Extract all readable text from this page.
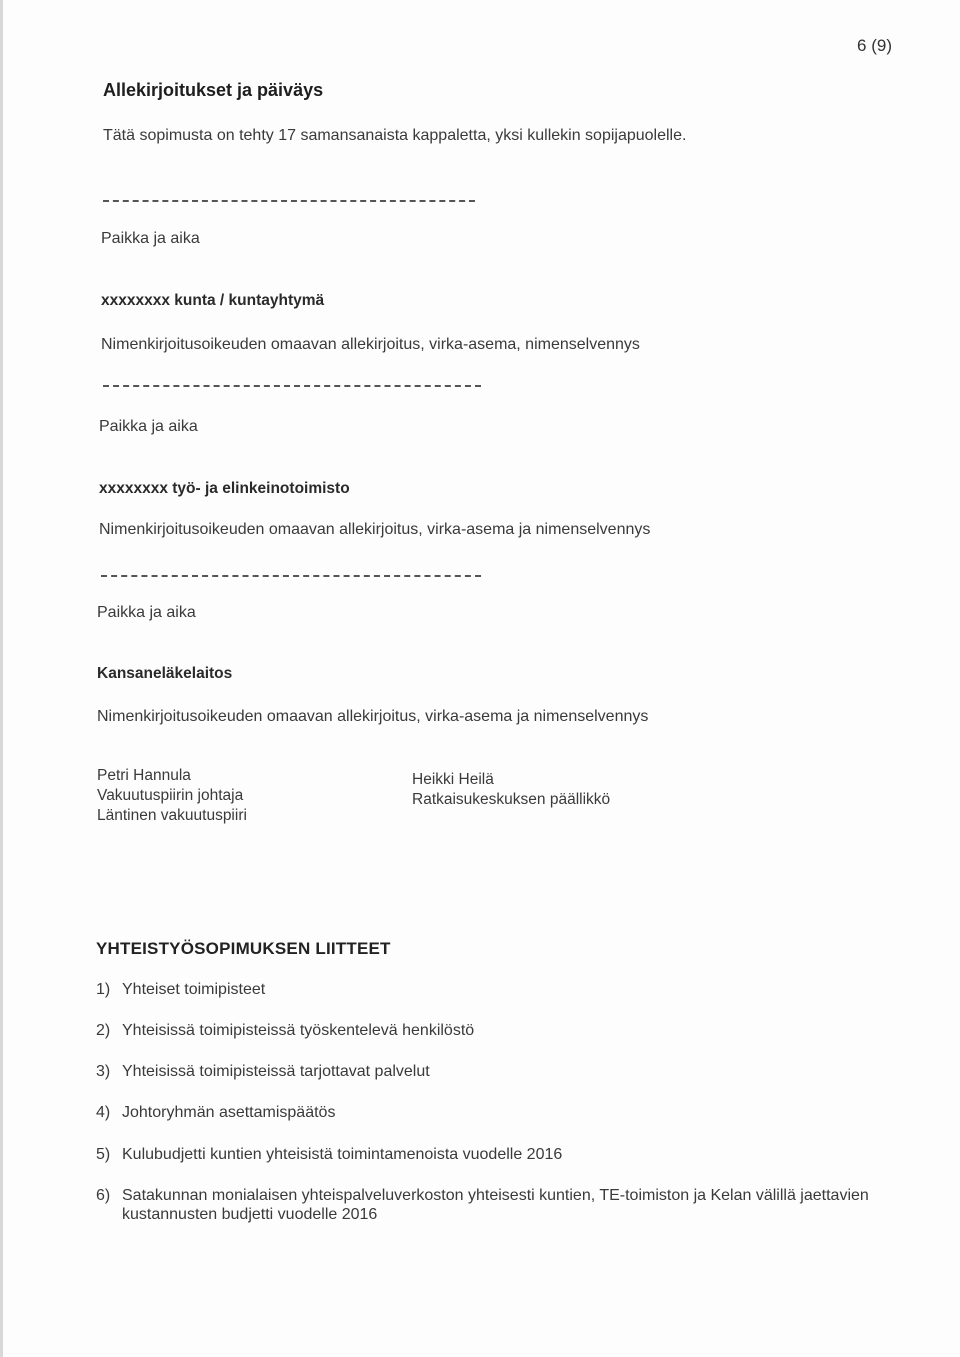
6 (9)
Allekirjoitukset ja päiväys
Tätä sopimusta on tehty 17 samansanaista kappaletta, yksi kullekin sopijapuolelle.
Paikka ja aika
xxxxxxxx kunta / kuntayhtymä
Nimenkirjoitusoikeuden omaavan allekirjoitus, virka-asema, nimenselvennys
Paikka ja aika
xxxxxxxx työ- ja elinkeinotoimisto
Nimenkirjoitusoikeuden omaavan allekirjoitus, virka-asema ja nimenselvennys
Paikka ja aika
Kansaneläkelaitos
Nimenkirjoitusoikeuden omaavan allekirjoitus, virka-asema ja nimenselvennys
Petri Hannula
Vakuutuspiirin johtaja
Läntinen vakuutuspiiri
Heikki Heilä
Ratkaisukeskuksen päällikkö
YHTEISTYÖSOPIMUKSEN LIITTEET
1) Yhteiset toimipisteet
2) Yhteisissä toimipisteissä työskentelevä henkilöstö
3) Yhteisissä toimipisteissä tarjottavat palvelut
4) Johtoryhmän asettamispäätös
5) Kulubudjetti kuntien yhteisistä toimintamenoista vuodelle 2016
6) Satakunnan monialaisen yhteispalveluverkoston yhteisesti kuntien, TE-toimiston ja Kelan välillä jaettavien kustannusten budjetti vuodelle 2016
